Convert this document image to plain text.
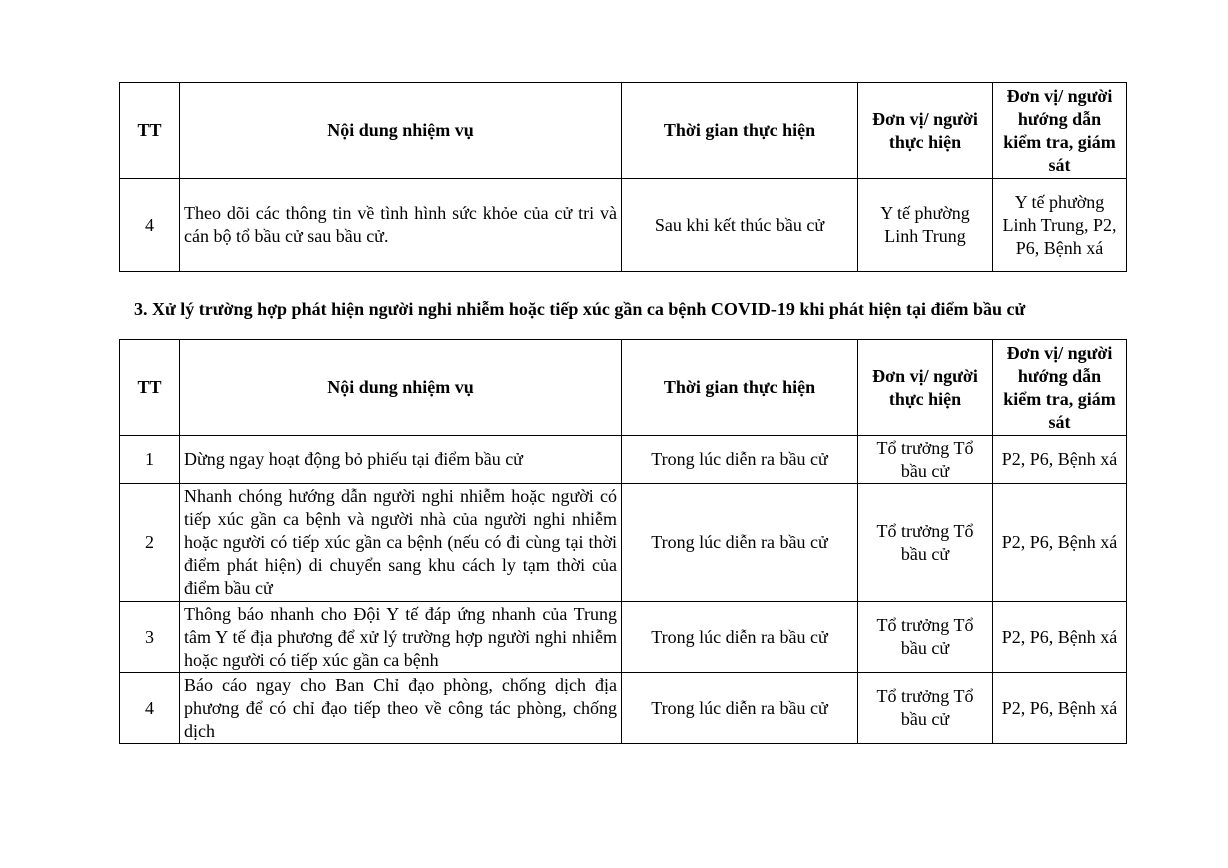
TT	Nội dung nhiệm vụ	Thời gian thực hiện	Đơn vị/ người thực hiện	Đơn vị/ người hướng dẫn kiểm tra, giám sát
4	Theo dõi các thông tin về tình hình sức khỏe của cử tri và cán bộ tổ bầu cử sau bầu cử.	Sau khi kết thúc bầu cử	Y tế phường Linh Trung	Y tế phường Linh Trung, P2, P6, Bệnh xá

3. Xử lý trường hợp phát hiện người nghi nhiễm hoặc tiếp xúc gần ca bệnh COVID-19 khi phát hiện tại điểm bầu cử

TT	Nội dung nhiệm vụ	Thời gian thực hiện	Đơn vị/ người thực hiện	Đơn vị/ người hướng dẫn kiểm tra, giám sát
1	Dừng ngay hoạt động bỏ phiếu tại điểm bầu cử	Trong lúc diễn ra bầu cử	Tổ trưởng Tổ bầu cử	P2, P6, Bệnh xá
2	Nhanh chóng hướng dẫn người nghi nhiễm hoặc người có tiếp xúc gần ca bệnh và người nhà của người nghi nhiễm hoặc người có tiếp xúc gần ca bệnh (nếu có đi cùng tại thời điểm phát hiện) di chuyển sang khu cách ly tạm thời của điểm bầu cử	Trong lúc diễn ra bầu cử	Tổ trưởng Tổ bầu cử	P2, P6, Bệnh xá
3	Thông báo nhanh cho Đội Y tế đáp ứng nhanh của Trung tâm Y tế địa phương để xử lý trường hợp người nghi nhiễm hoặc người có tiếp xúc gần ca bệnh	Trong lúc diễn ra bầu cử	Tổ trưởng Tổ bầu cử	P2, P6, Bệnh xá
4	Báo cáo ngay cho Ban Chỉ đạo phòng, chống dịch địa phương để có chỉ đạo tiếp theo về công tác phòng, chống dịch	Trong lúc diễn ra bầu cử	Tổ trưởng Tổ bầu cử	P2, P6, Bệnh xá
